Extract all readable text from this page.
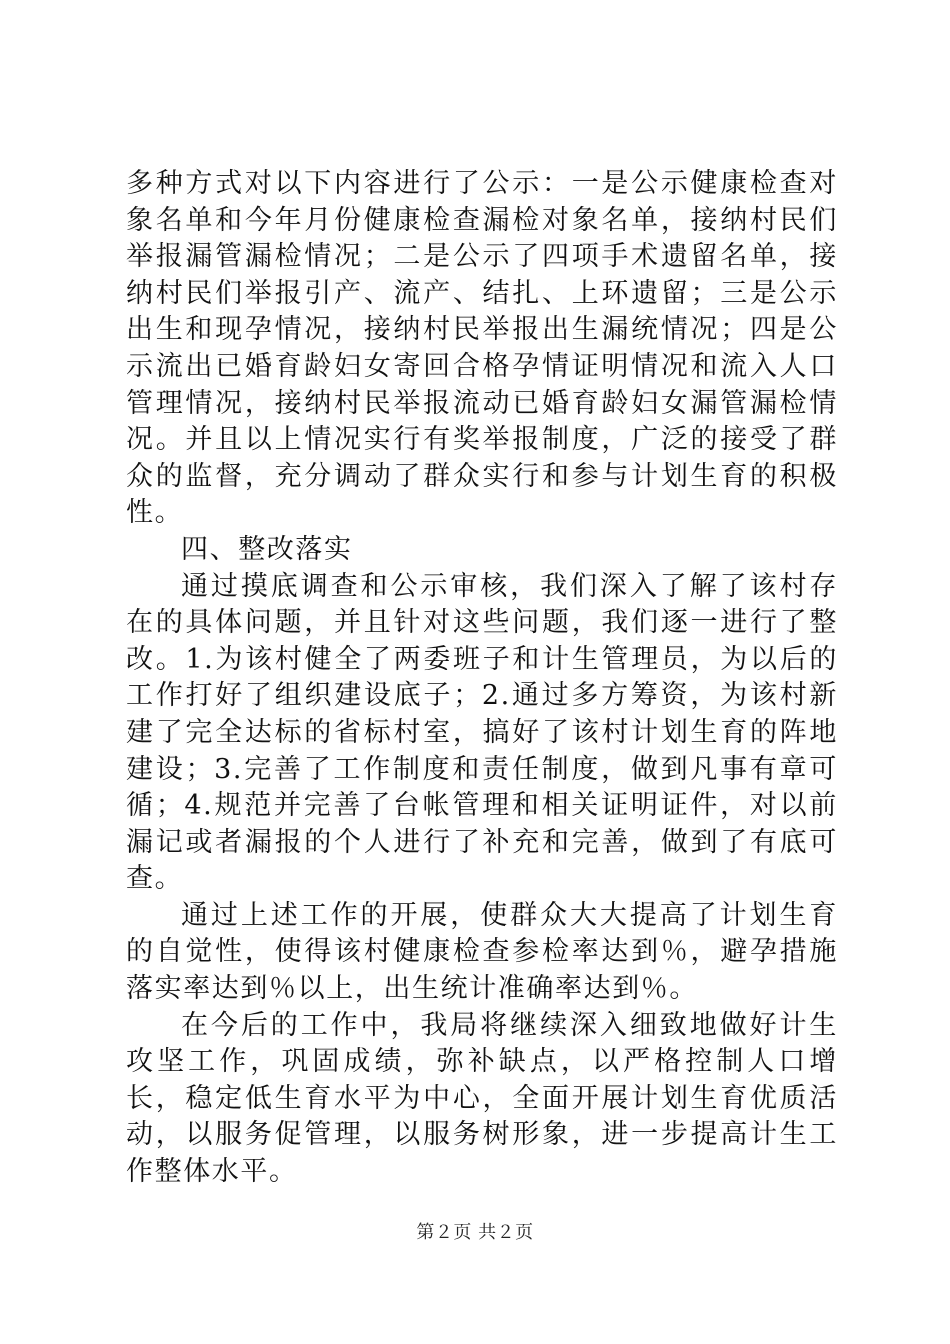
多种方式对以下内容进行了公示：一是公示健康检查对象名单和今年月份健康检查漏检对象名单，接纳村民们举报漏管漏检情况；二是公示了四项手术遗留名单，接纳村民们举报引产、流产、结扎、上环遗留；三是公示出生和现孕情况，接纳村民举报出生漏统情况；四是公示流出已婚育龄妇女寄回合格孕情证明情况和流入人口管理情况，接纳村民举报流动已婚育龄妇女漏管漏检情况。并且以上情况实行有奖举报制度，广泛的接受了群众的监督，充分调动了群众实行和参与计划生育的积极性。

四、整改落实

通过摸底调查和公示审核，我们深入了解了该村存在的具体问题，并且针对这些问题，我们逐一进行了整改。1.为该村健全了两委班子和计生管理员，为以后的工作打好了组织建设底子；2.通过多方筹资，为该村新建了完全达标的省标村室，搞好了该村计划生育的阵地建设；3.完善了工作制度和责任制度，做到凡事有章可循；4.规范并完善了台帐管理和相关证明证件，对以前漏记或者漏报的个人进行了补充和完善，做到了有底可查。

通过上述工作的开展，使群众大大提高了计划生育的自觉性，使得该村健康检查参检率达到％，避孕措施落实率达到％以上，出生统计准确率达到％。

在今后的工作中，我局将继续深入细致地做好计生攻坚工作，巩固成绩，弥补缺点，以严格控制人口增长，稳定低生育水平为中心，全面开展计划生育优质活动，以服务促管理，以服务树形象，进一步提高计生工作整体水平。

第２页 共２页
